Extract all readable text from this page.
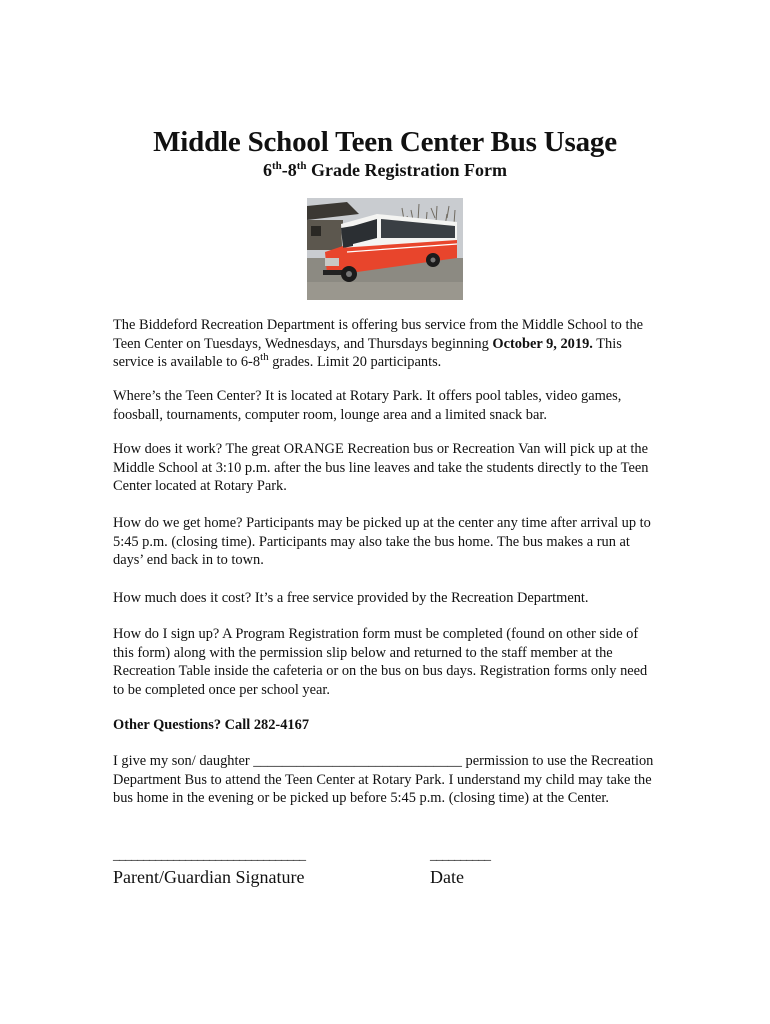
Middle School Teen Center Bus Usage
6th-8th Grade Registration Form

The Biddeford Recreation Department is offering bus service from the Middle School to the Teen Center on Tuesdays, Wednesdays, and Thursdays beginning October 9, 2019. This service is available to 6-8th grades. Limit 20 participants.

Where’s the Teen Center? It is located at Rotary Park. It offers pool tables, video games, foosball, tournaments, computer room, lounge area and a limited snack bar.

How does it work? The great ORANGE Recreation bus or Recreation Van will pick up at the Middle School at 3:10 p.m. after the bus line leaves and take the students directly to the Teen Center located at Rotary Park.

How do we get home? Participants may be picked up at the center any time after arrival up to 5:45 p.m. (closing time). Participants may also take the bus home. The bus makes a run at days’ end back in to town.

How much does it cost? It’s a free service provided by the Recreation Department.

How do I sign up? A Program Registration form must be completed (found on other side of this form) along with the permission slip below and returned to the staff member at the Recreation Table inside the cafeteria or on the bus on bus days. Registration forms only need to be completed once per school year.

Other Questions? Call 282-4167

I give my son/ daughter _____________________________ permission to use the Recreation Department Bus to attend the Teen Center at Rotary Park. I understand my child may take the bus home in the evening or be picked up before 5:45 p.m. (closing time) at the Center.

________________________________	__________
Parent/Guardian Signature	Date
